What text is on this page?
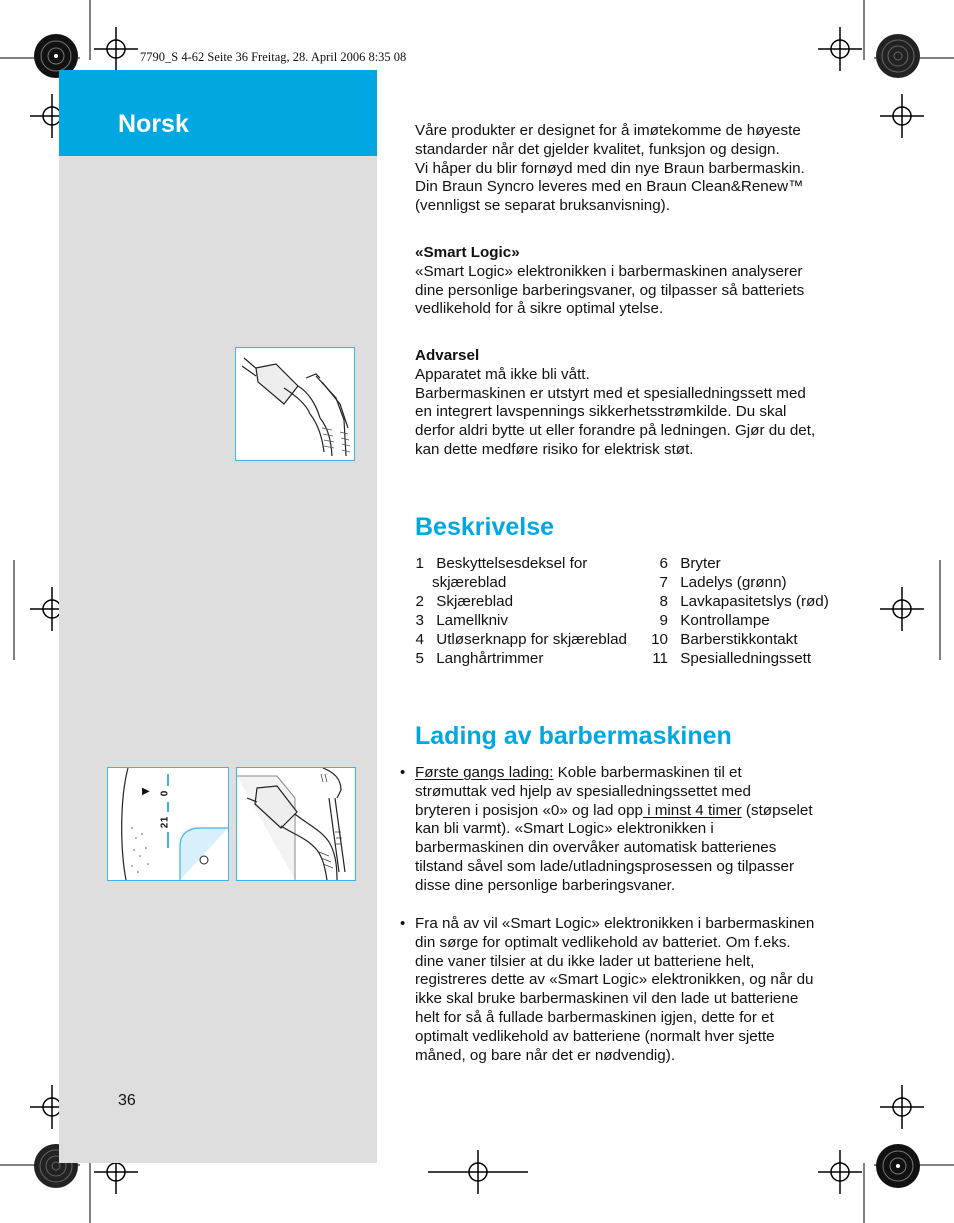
7790_S 4-62 Seite 36 Freitag, 28. April 2006 8:35 08
Norsk
36
▶ 0
1
2
Våre produkter er designet for å imøtekomme de høyeste
standarder når det gjelder kvalitet, funksjon og design.
Vi håper du blir fornøyd med din nye Braun barbermaskin.
Din Braun Syncro leveres med en Braun Clean&Renew™
(vennligst se separat bruksanvisning).
«Smart Logic»
«Smart Logic» elektronikken i barbermaskinen analyserer
dine personlige barberingsvaner, og tilpasser så batteriets
vedlikehold for å sikre optimal ytelse.
Advarsel
Apparatet må ikke bli vått.
Barbermaskinen er utstyrt med et spesialledningssett med
en integrert lavspennings sikkerhetsstrømkilde. Du skal
derfor aldri bytte ut eller forandre på ledningen. Gjør du det,
kan dette medføre risiko for elektrisk støt.
Beskrivelse
1 Beskyttelsesdeksel for
skjæreblad
2 Skjæreblad
3 Lamellkniv
4 Utløserknapp for skjæreblad
5 Langhårtrimmer
6 Bryter
7 Ladelys (grønn)
8 Lavkapasitetslys (rød)
9 Kontrollampe
10 Barberstikkontakt
11 Spesialledningssett
Lading av barbermaskinen
• Første gangs lading: Koble barbermaskinen til et
strømuttak ved hjelp av spesialledningssettet med
bryteren i posisjon «0» og lad opp i minst 4 timer (støpselet
kan bli varmt). «Smart Logic» elektronikken i
barbermaskinen din overvåker automatisk batterienes
tilstand såvel som lade/utladningsprosessen og tilpasser
disse dine personlige barberingsvaner.
• Fra nå av vil «Smart Logic» elektronikken i barbermaskinen
din sørge for optimalt vedlikehold av batteriet. Om f.eks.
dine vaner tilsier at du ikke lader ut batteriene helt,
registreres dette av «Smart Logic» elektronikken, og når du
ikke skal bruke barbermaskinen vil den lade ut batteriene
helt for så å fullade barbermaskinen igjen, dette for et
optimalt vedlikehold av batteriene (normalt hver sjette
måned, og bare når det er nødvendig).
